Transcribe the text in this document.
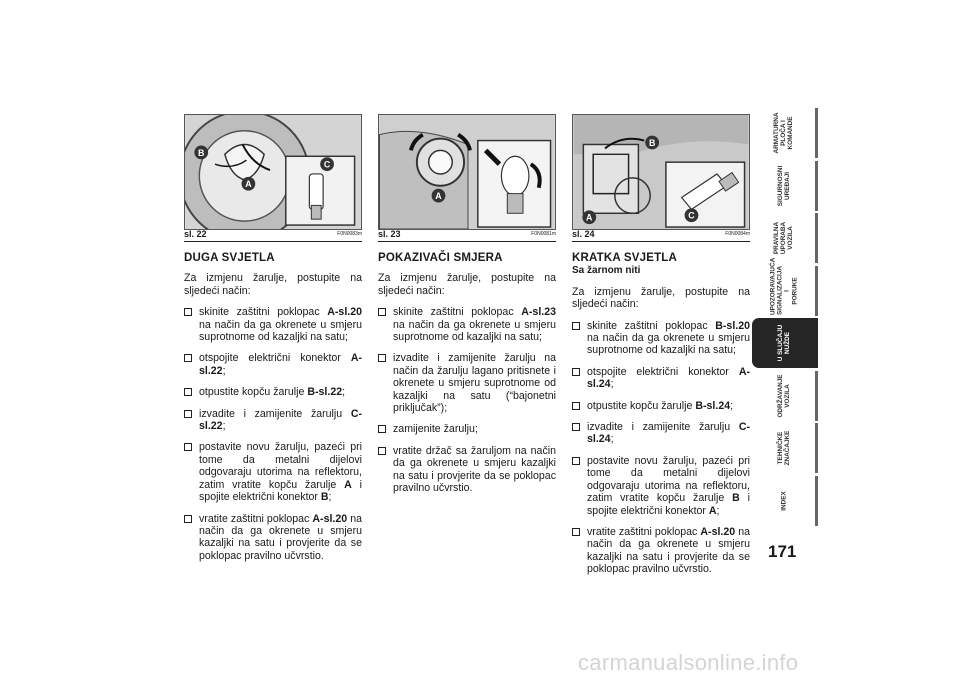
B
C
A
sl. 22	F0N0083m
A
sl. 23	F0N0081m
B
A	C
sl. 24	F0N0084m
DUGA SVJETLA

Za izmjenu žarulje, postupite na sljedeći način:

skinite zaštitni poklopac A-sl.20 na način da ga okrenete u smjeru suprotnome od kazaljki na satu;
otspojite električni konektor A-sl.22;
otpustite kopču žarulje B-sl.22;
izvadite i zamijenite žarulju C-sl.22;
postavite novu žarulju, pazeći pri tome da metalni dijelovi odgovaraju utorima na reflektoru, zatim vratite kopču žarulje A i spojite električni konektor B;
vratite zaštitni poklopac A-sl.20 na način da ga okrenete u smjeru kazaljki na satu i provjerite da se poklopac pravilno učvrstio.
POKAZIVAČI SMJERA

Za izmjenu žarulje, postupite na sljedeći način:

skinite zaštitni poklopac A-sl.23 na način da ga okrenete u smjeru suprotnome od kazaljki na satu;
izvadite i zamijenite žarulju na način da žarulju lagano pritisnete i okrenete u smjeru suprotnome od kazaljki na satu (“bajonetni priključak”);
zamijenite žarulju;
vratite držač sa žaruljom na način da ga okrenete u smjeru kazaljki na satu i provjerite da se poklopac pravilno učvrstio.
KRATKA SVJETLA
Sa žarnom niti

Za izmjenu žarulje, postupite na sljedeći način:

skinite zaštitni poklopac B-sl.20 na način da ga okrenete u smjeru suprotnome od kazaljki na satu;
otspojite električni konektor A-sl.24;
otpustite kopču žarulje B-sl.24;
izvadite i zamijenite žarulju C-sl.24;
postavite novu žarulju, pazeći pri tome da metalni dijelovi odgovaraju utorima na reflektoru, zatim vratite kopču žarulje B i spojite električni konektor A;
vratite zaštitni poklopac A-sl.20 na način da ga okrenete u smjeru kazaljki na satu i provjerite da se poklopac pravilno učvrstio.
ARMATURNA
PLOČA I
KOMANDE
SIGURNOSNI
UREĐAJI
PRAVILNA
UPORABA
VOZILA
UPOZORAVAJUĆA
SIGNALIZACIJA I
PORUKE
U SLUČAJU
NUŽDE
ODRŽAVANJE
VOZILA
TEHNIČKE
ZNAČAJKE
INDEX
171
carmanualsonline.info
